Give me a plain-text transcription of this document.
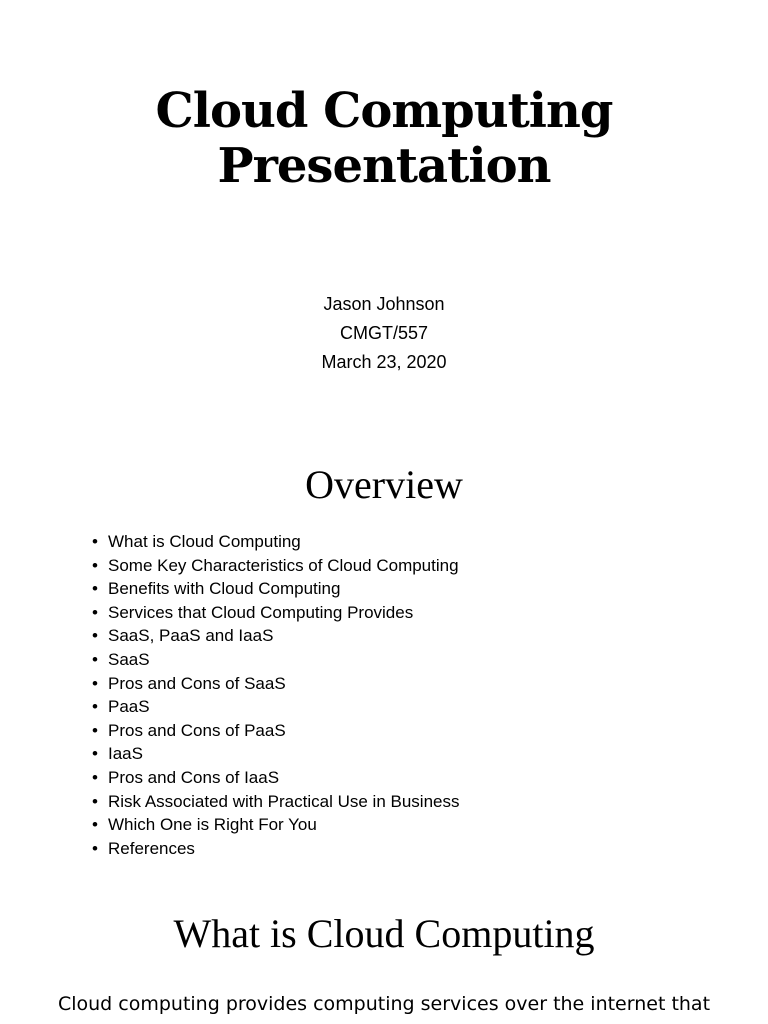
Cloud Computing
Presentation
Jason Johnson
CMGT/557
March 23, 2020
Overview
• What is Cloud Computing
• Some Key Characteristics of Cloud Computing
• Benefits with Cloud Computing
• Services that Cloud Computing Provides
• SaaS, PaaS and IaaS
• SaaS
• Pros and Cons of SaaS
• PaaS
• Pros and Cons of PaaS
• IaaS
• Pros and Cons of IaaS
• Risk Associated with Practical Use in Business
• Which One is Right For You
• References
What is Cloud Computing
Cloud computing provides computing services over the internet that
